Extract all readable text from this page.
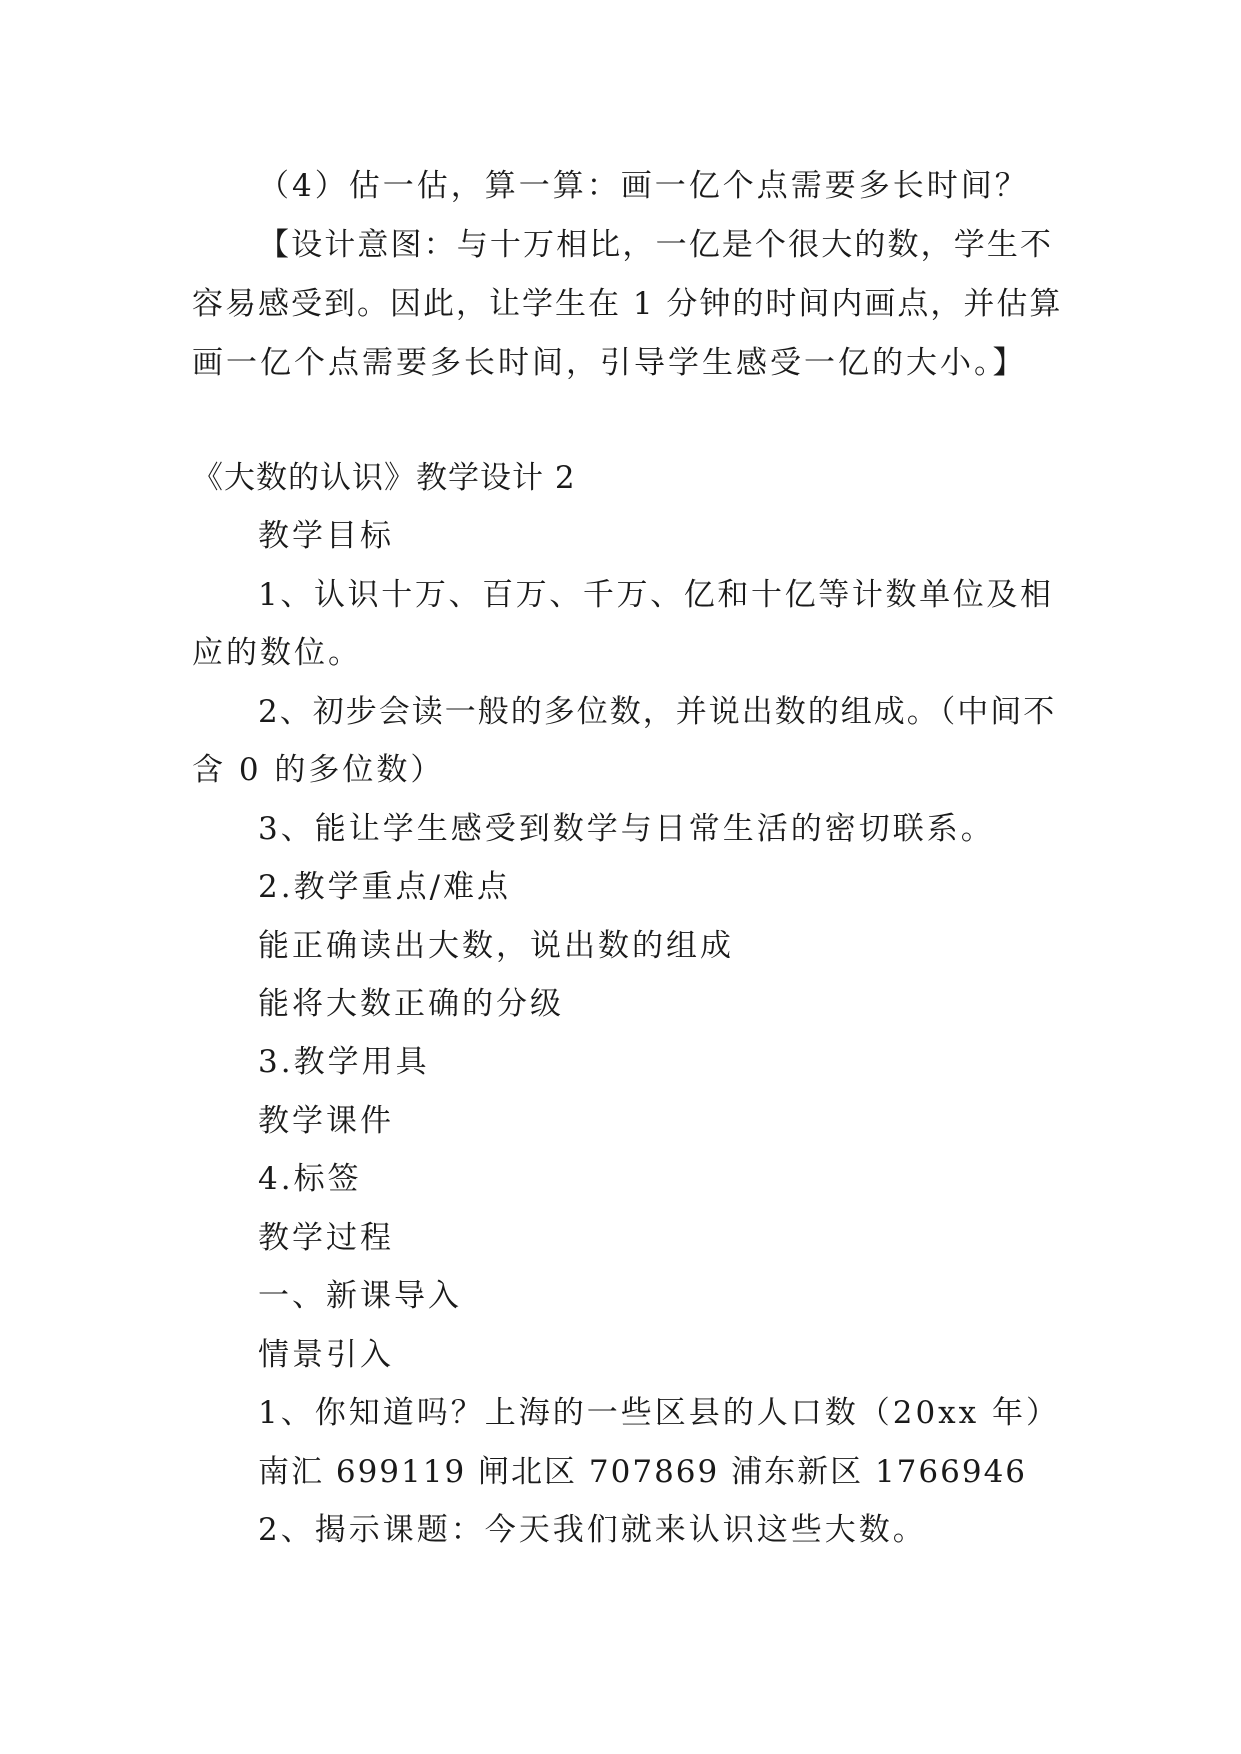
（4）估一估，算一算：画一亿个点需要多长时间？
【设计意图：与十万相比，一亿是个很大的数，学生不
容易感受到。因此，让学生在 1 分钟的时间内画点，并估算
画一亿个点需要多长时间，引导学生感受一亿的大小。】
《大数的认识》教学设计 2
教学目标
1、认识十万、百万、千万、亿和十亿等计数单位及相
应的数位。
2、初步会读一般的多位数，并说出数的组成。（中间不
含 0 的多位数）
3、能让学生感受到数学与日常生活的密切联系。
2.教学重点/难点
能正确读出大数，说出数的组成
能将大数正确的分级
3.教学用具
教学课件
4.标签
教学过程
一、新课导入
情景引入
1、你知道吗？上海的一些区县的人口数（20xx 年）
南汇 699119 闸北区 707869 浦东新区 1766946
2、揭示课题：今天我们就来认识这些大数。
